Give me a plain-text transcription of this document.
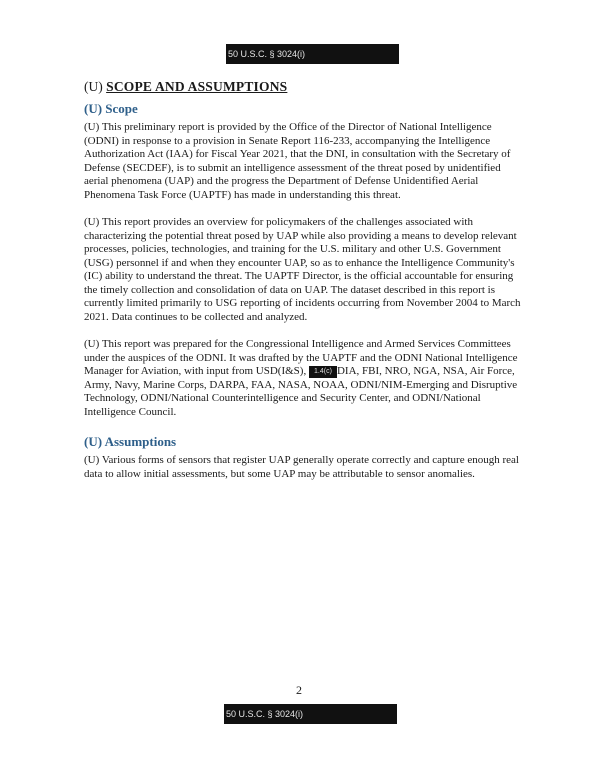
50 U.S.C. § 3024(i)
(U) SCOPE AND ASSUMPTIONS
(U) Scope

(U) This preliminary report is provided by the Office of the Director of National Intelligence (ODNI) in response to a provision in Senate Report 116-233, accompanying the Intelligence Authorization Act (IAA) for Fiscal Year 2021, that the DNI, in consultation with the Secretary of Defense (SECDEF), is to submit an intelligence assessment of the threat posed by unidentified aerial phenomena (UAP) and the progress the Department of Defense Unidentified Aerial Phenomena Task Force (UAPTF) has made in understanding this threat.

(U) This report provides an overview for policymakers of the challenges associated with characterizing the potential threat posed by UAP while also providing a means to develop relevant processes, policies, technologies, and training for the U.S. military and other U.S. Government (USG) personnel if and when they encounter UAP, so as to enhance the Intelligence Community's (IC) ability to understand the threat. The UAPTF Director, is the official accountable for ensuring the timely collection and consolidation of data on UAP. The dataset described in this report is currently limited primarily to USG reporting of incidents occurring from November 2004 to March 2021. Data continues to be collected and analyzed.

(U) This report was prepared for the Congressional Intelligence and Armed Services Committees under the auspices of the ODNI. It was drafted by the UAPTF and the ODNI National Intelligence Manager for Aviation, with input from USD(I&S), 1.4(c) DIA, FBI, NRO, NGA, NSA, Air Force, Army, Navy, Marine Corps, DARPA, FAA, NASA, NOAA, ODNI/NIM-Emerging and Disruptive Technology, ODNI/National Counterintelligence and Security Center, and ODNI/National Intelligence Council.

(U) Assumptions

(U) Various forms of sensors that register UAP generally operate correctly and capture enough real data to allow initial assessments, but some UAP may be attributable to sensor anomalies.

2
50 U.S.C. § 3024(i)
